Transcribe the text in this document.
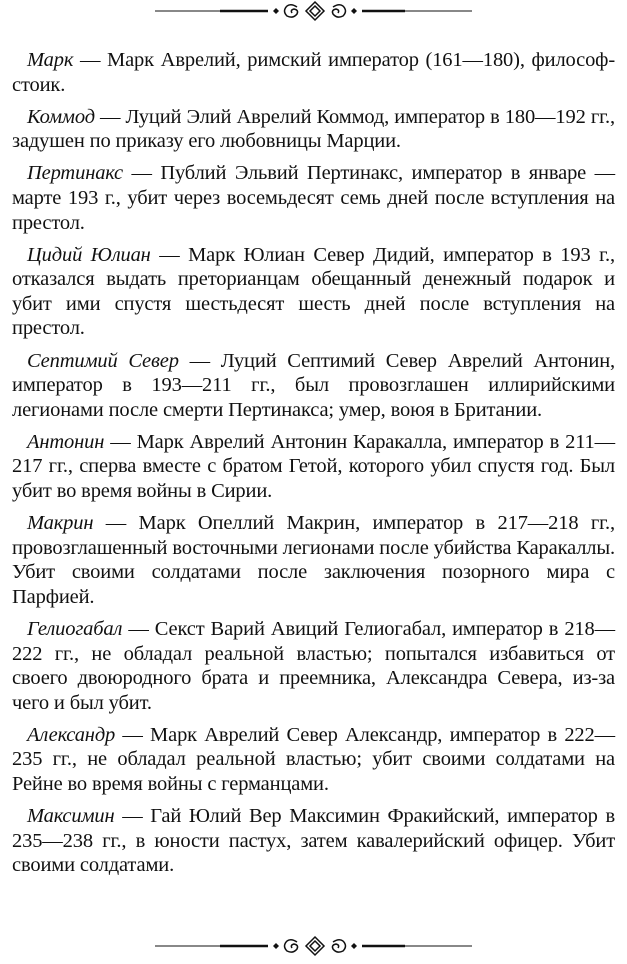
Марк — Марк Аврелий, римский император (161—180), философ-стоик.

Коммод — Луций Элий Аврелий Коммод, император в 180—192 гг., задушен по приказу его любовницы Марции.

Пертинакс — Публий Эльвий Пертинакс, император в январе — марте 193 г., убит через восемьдесят семь дней после вступления на престол.

Цидий Юлиан — Марк Юлиан Север Дидий, император в 193 г., отказался выдать преторианцам обещанный денежный подарок и убит ими спустя шестьдесят шесть дней после вступления на престол.

Септимий Север — Луций Септимий Север Аврелий Антонин, император в 193—211 гг., был провозглашен иллирийскими легионами после смерти Пертинакса; умер, воюя в Британии.

Антонин — Марк Аврелий Антонин Каракалла, император в 211—217 гг., сперва вместе с братом Гетой, которого убил спустя год. Был убит во время войны в Сирии.

Макрин — Марк Опеллий Макрин, император в 217—218 гг., провозглашенный восточными легионами после убийства Каракаллы. Убит своими солдатами после заключения позорного мира с Парфией.

Гелиогабал — Секст Варий Авиций Гелиогабал, император в 218—222 гг., не обладал реальной властью; попытался избавиться от своего двоюродного брата и преемника, Александра Севера, из-за чего и был убит.

Александр — Марк Аврелий Север Александр, император в 222—235 гг., не обладал реальной властью; убит своими солдатами на Рейне во время войны с германцами.

Максимин — Гай Юлий Вер Максимин Фракийский, император в 235—238 гг., в юности пастух, затем кавалерийский офицер. Убит своими солдатами.
